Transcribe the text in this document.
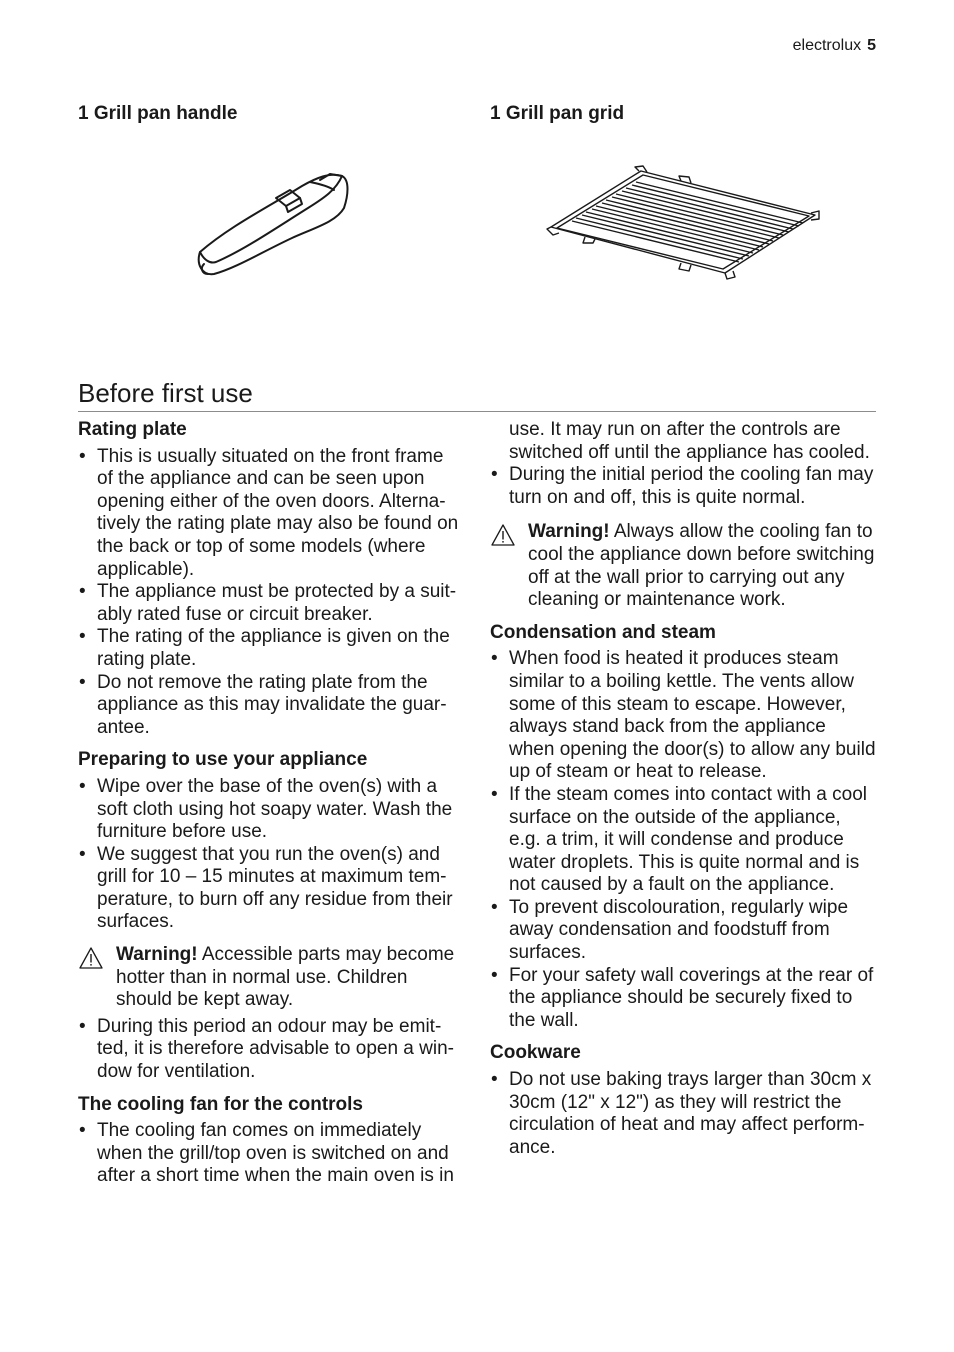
electrolux 5
1 Grill pan handle	1 Grill pan grid
Before first use
Rating plate
• This is usually situated on the front frame of the appliance and can be seen upon opening either of the oven doors. Alterna- tively the rating plate may also be found on the back or top of some models (where applicable).
• The appliance must be protected by a suit- ably rated fuse or circuit breaker.
• The rating of the appliance is given on the rating plate.
• Do not remove the rating plate from the appliance as this may invalidate the guar- antee.
Preparing to use your appliance
• Wipe over the base of the oven(s) with a soft cloth using hot soapy water. Wash the furniture before use.
• We suggest that you run the oven(s) and grill for 10 – 15 minutes at maximum tem- perature, to burn off any residue from their surfaces.
Warning! Accessible parts may become hotter than in normal use. Children should be kept away.
• During this period an odour may be emit- ted, it is therefore advisable to open a win- dow for ventilation.
The cooling fan for the controls
• The cooling fan comes on immediately when the grill/top oven is switched on and after a short time when the main oven is in

use. It may run on after the controls are switched off until the appliance has cooled.

• During the initial period the cooling fan may turn on and off, this is quite normal.
Warning! Always allow the cooling fan to cool the appliance down before switching off at the wall prior to carrying out any cleaning or maintenance work.
Condensation and steam
• When food is heated it produces steam similar to a boiling kettle. The vents allow some of this steam to escape. However, always stand back from the appliance when opening the door(s) to allow any build up of steam or heat to release.
• If the steam comes into contact with a cool surface on the outside of the appliance, e.g. a trim, it will condense and produce water droplets. This is quite normal and is not caused by a fault on the appliance.
• To prevent discolouration, regularly wipe away condensation and foodstuff from surfaces.
• For your safety wall coverings at the rear of the appliance should be securely fixed to the wall.
Cookware
• Do not use baking trays larger than 30cm x 30cm (12" x 12") as they will restrict the circulation of heat and may affect perform- ance.
